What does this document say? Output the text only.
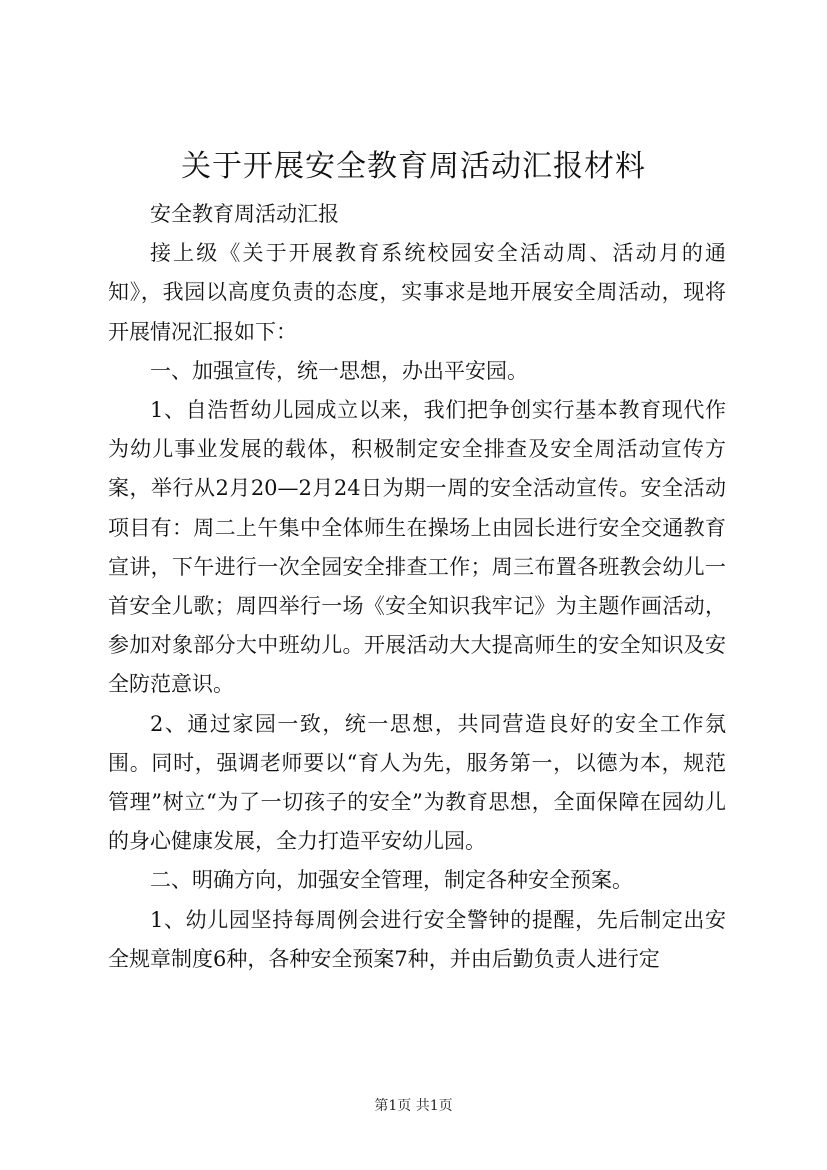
关于开展安全教育周活动汇报材料

安全教育周活动汇报

接上级《关于开展教育系统校园安全活动周、活动月的通知》，我园以高度负责的态度，实事求是地开展安全周活动，现将开展情况汇报如下：

一、加强宣传，统一思想，办出平安园。

1、自浩哲幼儿园成立以来，我们把争创实行基本教育现代作为幼儿事业发展的载体，积极制定安全排查及安全周活动宣传方案，举行从2月20—2月24日为期一周的安全活动宣传。安全活动项目有：周二上午集中全体师生在操场上由园长进行安全交通教育宣讲，下午进行一次全园安全排查工作；周三布置各班教会幼儿一首安全儿歌；周四举行一场《安全知识我牢记》为主题作画活动，参加对象部分大中班幼儿。开展活动大大提高师生的安全知识及安全防范意识。

2、通过家园一致，统一思想，共同营造良好的安全工作氛围。同时，强调老师要以“育人为先，服务第一，以德为本，规范管理”树立“为了一切孩子的安全”为教育思想，全面保障在园幼儿的身心健康发展，全力打造平安幼儿园。

二、明确方向，加强安全管理，制定各种安全预案。

1、幼儿园坚持每周例会进行安全警钟的提醒，先后制定出安全规章制度6种，各种安全预案7种，并由后勤负责人进行定

第1页 共1页
